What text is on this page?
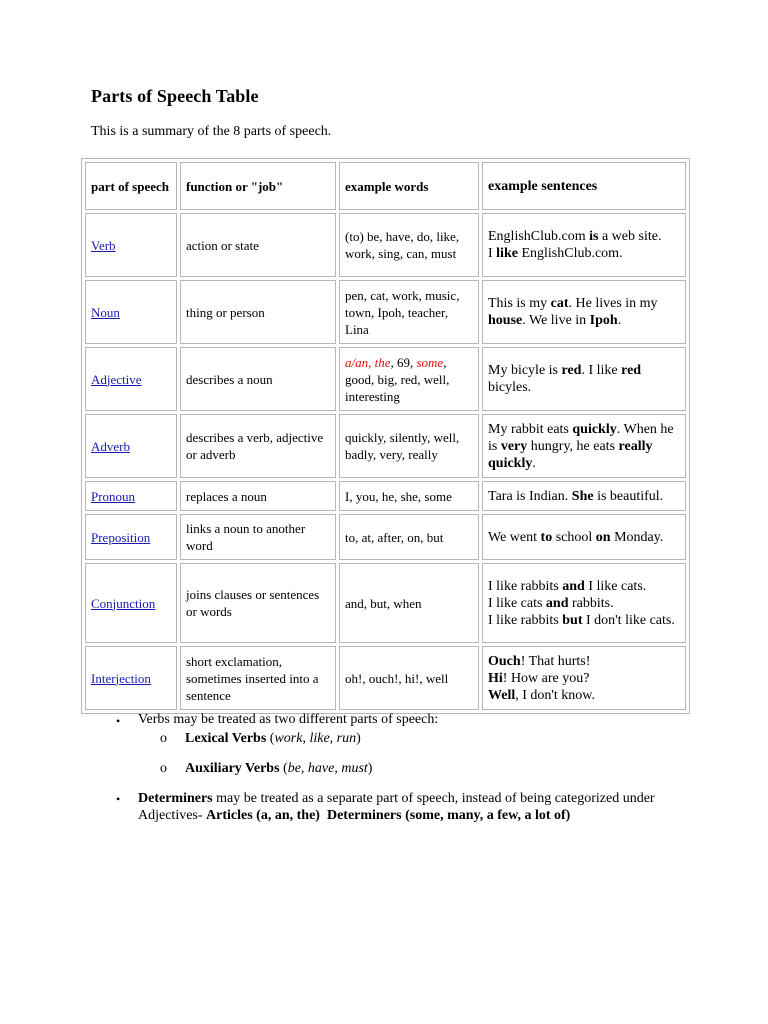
Parts of Speech Table

This is a summary of the 8 parts of speech.

part of speech	function or "job"	example words	example sentences
Verb	action or state	(to) be, have, do, like, work, sing, can, must	EnglishClub.com is a web site.
I like EnglishClub.com.
Noun	thing or person	pen, cat, work, music, town, Ipoh, teacher, Lina	This is my cat. He lives in my house. We live in Ipoh.
Adjective	describes a noun	a/an, the, 69, some, good, big, red, well, interesting	My bicyle is red. I like red bicyles.
Adverb	describes a verb, adjective or adverb	quickly, silently, well, badly, very, really	My rabbit eats quickly. When he is very hungry, he eats really quickly.
Pronoun	replaces a noun	I, you, he, she, some	Tara is Indian. She is beautiful.
Preposition	links a noun to another word	to, at, after, on, but	We went to school on Monday.
Conjunction	joins clauses or sentences or words	and, but, when	I like rabbits and I like cats.
I like cats and rabbits.
I like rabbits but I don't like cats.
Interjection	short exclamation, sometimes inserted into a sentence	oh!, ouch!, hi!, well	Ouch! That hurts!
Hi! How are you?
Well, I don't know.
• Verbs may be treated as two different parts of speech:
o Lexical Verbs (work, like, run)
o Auxiliary Verbs (be, have, must)
• Determiners may be treated as a separate part of speech, instead of being categorized under Adjectives- Articles (a, an, the) Determiners (some, many, a few, a lot of)
